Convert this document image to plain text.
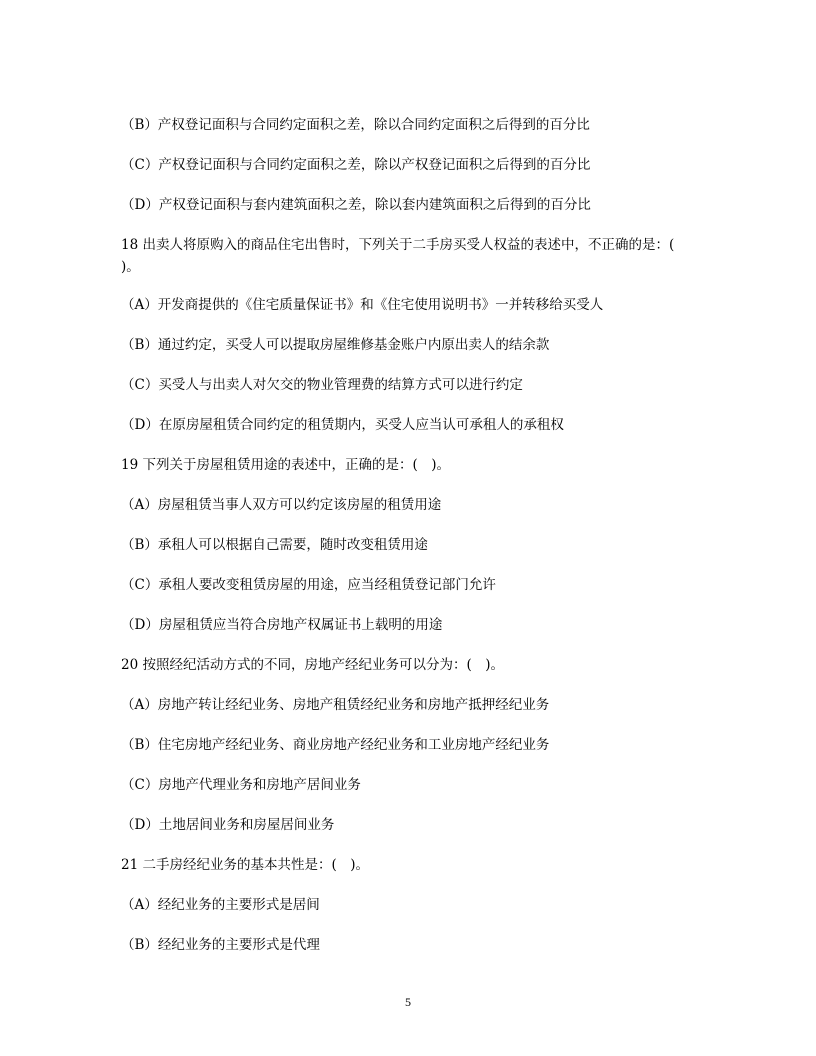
（B）产权登记面积与合同约定面积之差，除以合同约定面积之后得到的百分比
（C）产权登记面积与合同约定面积之差，除以产权登记面积之后得到的百分比
（D）产权登记面积与套内建筑面积之差，除以套内建筑面积之后得到的百分比
18 出卖人将原购入的商品住宅出售时，下列关于二手房买受人权益的表述中，不正确的是：(
)。
（A）开发商提供的《住宅质量保证书》和《住宅使用说明书》一并转移给买受人
（B）通过约定，买受人可以提取房屋维修基金账户内原出卖人的结余款
（C）买受人与出卖人对欠交的物业管理费的结算方式可以进行约定
（D）在原房屋租赁合同约定的租赁期内，买受人应当认可承租人的承租权
19 下列关于房屋租赁用途的表述中，正确的是：(　)。
（A）房屋租赁当事人双方可以约定该房屋的租赁用途
（B）承租人可以根据自己需要，随时改变租赁用途
（C）承租人要改变租赁房屋的用途，应当经租赁登记部门允许
（D）房屋租赁应当符合房地产权属证书上载明的用途
20 按照经纪活动方式的不同，房地产经纪业务可以分为：(　)。
（A）房地产转让经纪业务、房地产租赁经纪业务和房地产抵押经纪业务
（B）住宅房地产经纪业务、商业房地产经纪业务和工业房地产经纪业务
（C）房地产代理业务和房地产居间业务
（D）土地居间业务和房屋居间业务
21 二手房经纪业务的基本共性是：(　)。
（A）经纪业务的主要形式是居间
（B）经纪业务的主要形式是代理
5
